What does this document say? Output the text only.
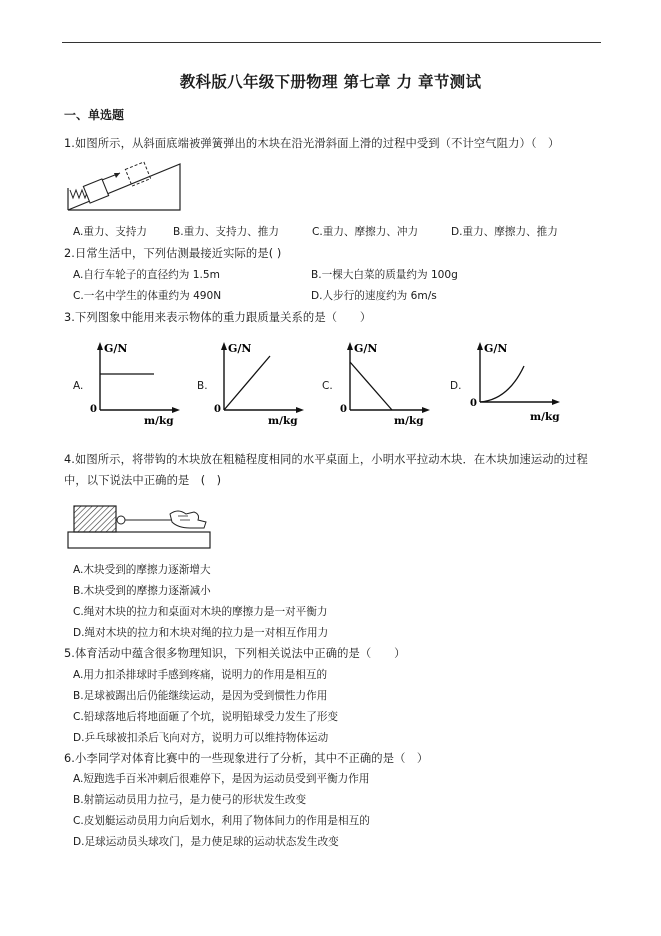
教科版八年级下册物理 第七章 力 章节测试
一、单选题
1.如图所示，从斜面底端被弹簧弹出的木块在沿光滑斜面上滑的过程中受到（不计空气阻力）（　）
A.重力、支持力 B.重力、支持力、推力	C.重力、摩擦力、冲力	D.重力、摩擦力、推力
2.日常生活中，下列估测最接近实际的是( )
A.自行车轮子的直径约为 1.5m	B.一棵大白菜的质量约为 100g
C.一名中学生的体重约为 490N	D.人步行的速度约为 6m/s
3.下列图象中能用来表示物体的重力跟质量关系的是（　　）
A.
G/N
0
m/kg
B.
G/N
0
m/kg
C.
G/N
0
m/kg
D.
G/N
0
m/kg
4.如图所示，将带钩的木块放在粗糙程度相同的水平桌面上，小明水平拉动木块．在木块加速运动的过程
中，以下说法中正确的是　(　)
A.木块受到的摩擦力逐渐增大
B.木块受到的摩擦力逐渐减小
C.绳对木块的拉力和桌面对木块的摩擦力是一对平衡力
D.绳对木块的拉力和木块对绳的拉力是一对相互作用力
5.体育活动中蕴含很多物理知识，下列相关说法中正确的是（　　）
A.用力扣杀排球时手感到疼痛，说明力的作用是相互的
B.足球被踢出后仍能继续运动，是因为受到惯性力作用
C.铅球落地后将地面砸了个坑，说明铅球受力发生了形变
D.乒乓球被扣杀后飞向对方，说明力可以维持物体运动
6.小李同学对体育比赛中的一些现象进行了分析，其中不正确的是（　）
A.短跑选手百米冲刺后很难停下，是因为运动员受到平衡力作用
B.射箭运动员用力拉弓，是力使弓的形状发生改变
C.皮划艇运动员用力向后划水，利用了物体间力的作用是相互的
D.足球运动员头球攻门，是力使足球的运动状态发生改变
